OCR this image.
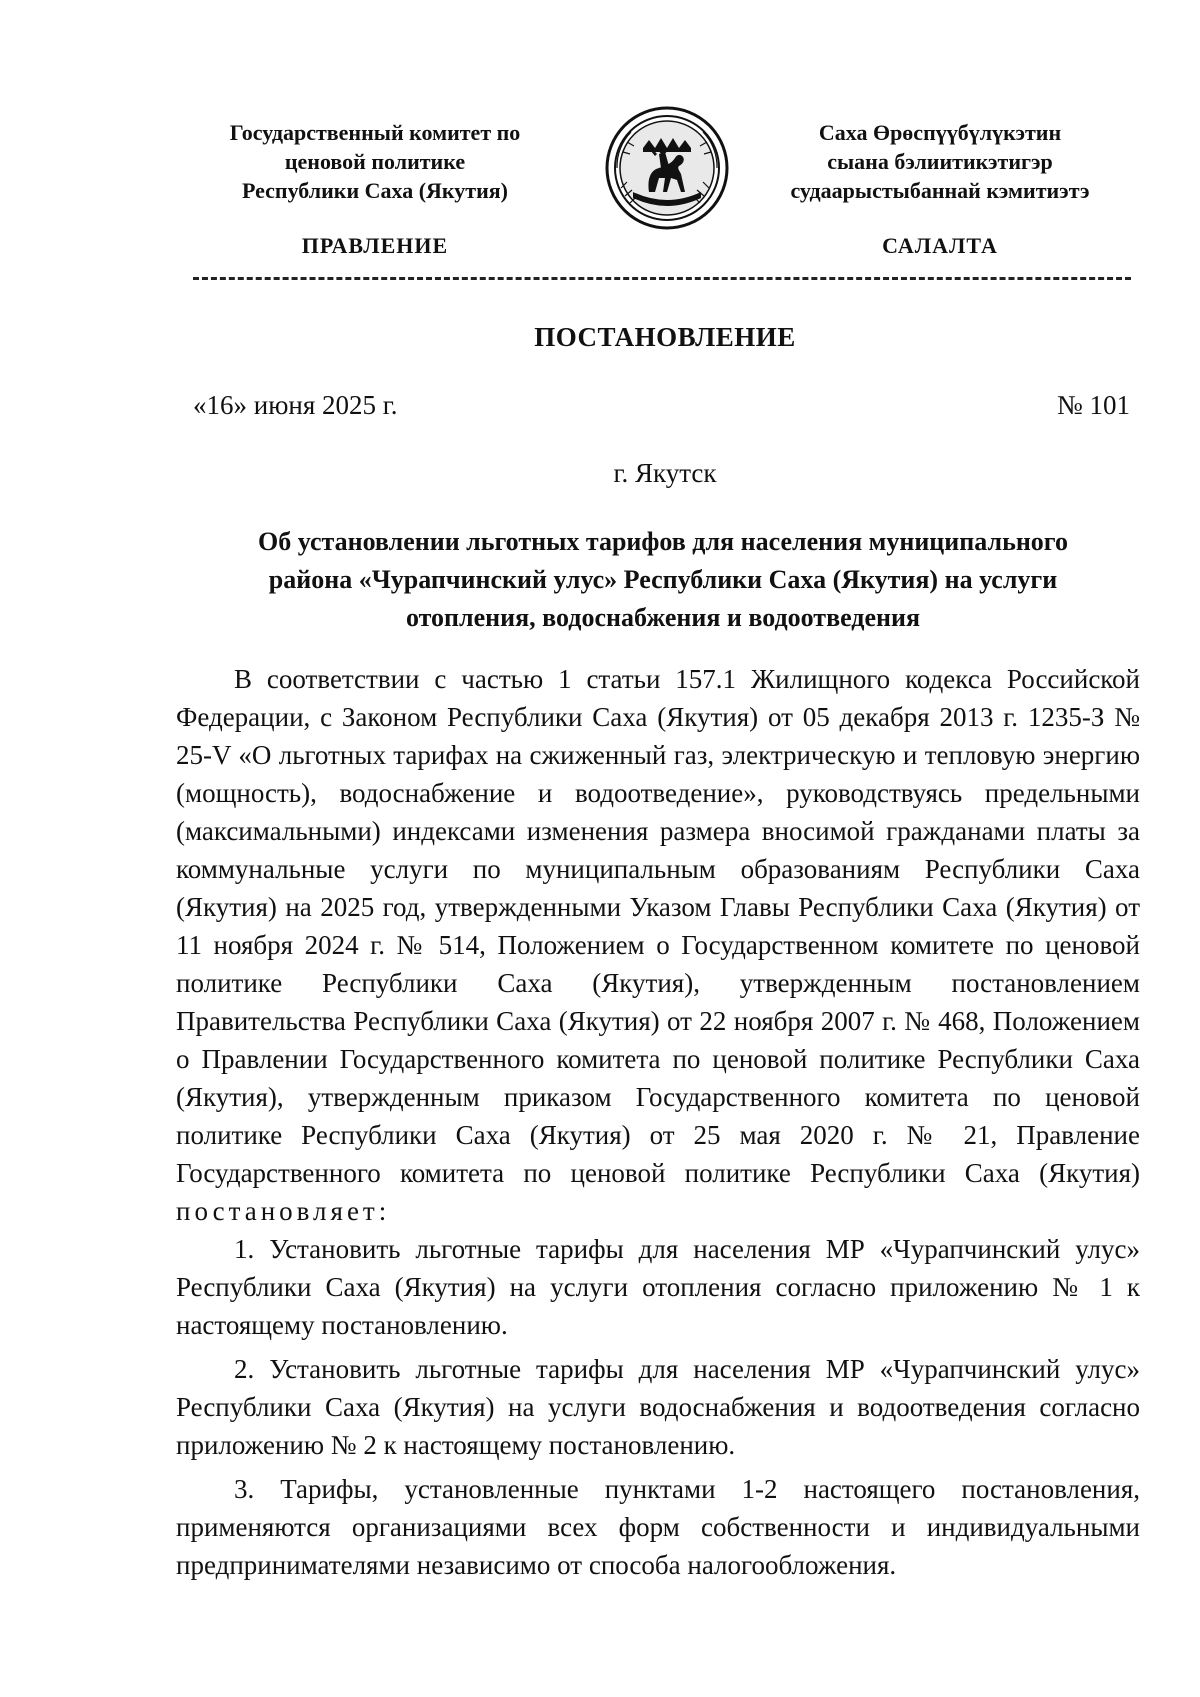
Государственный комитет по
ценовой политике
Республики Саха (Якутия)
Саха Өрөспүүбүлүкэтин
сыана бэлиитикэтигэр
судаарыстыбаннай кэмитиэтэ
ПРАВЛЕНИЕ	САЛАЛТА
ПОСТАНОВЛЕНИЕ
«16» июня 2025 г.	№ 101
г. Якутск
Об установлении льготных тарифов для населения муниципального
района «Чурапчинский улус» Республики Саха (Якутия) на услуги
отопления, водоснабжения и водоотведения

В соответствии с частью 1 статьи 157.1 Жилищного кодекса Российской Федерации, с Законом Республики Саха (Якутия) от 05 декабря 2013 г. 1235-З № 25-V «О льготных тарифах на сжиженный газ, электрическую и тепловую энергию (мощность), водоснабжение и водоотведение», руководствуясь предельными (максимальными) индексами изменения размера вносимой гражданами платы за коммунальные услуги по муниципальным образованиям Республики Саха (Якутия) на 2025 год, утвержденными Указом Главы Республики Саха (Якутия) от 11 ноября 2024 г. № 514, Положением о Государственном комитете по ценовой политике Республики Саха (Якутия), утвержденным постановлением Правительства Республики Саха (Якутия) от 22 ноября 2007 г. № 468, Положением о Правлении Государственного комитета по ценовой политике Республики Саха (Якутия), утвержденным приказом Государственного комитета по ценовой политике Республики Саха (Якутия) от 25 мая 2020 г. № 21, Правление Государственного комитета по ценовой политике Республики Саха (Якутия) постановляет:

1. Установить льготные тарифы для населения МР «Чурапчинский улус» Республики Саха (Якутия) на услуги отопления согласно приложению № 1 к настоящему постановлению.

2. Установить льготные тарифы для населения МР «Чурапчинский улус» Республики Саха (Якутия) на услуги водоснабжения и водоотведения согласно приложению № 2 к настоящему постановлению.

3. Тарифы, установленные пунктами 1-2 настоящего постановления, применяются организациями всех форм собственности и индивидуальными предпринимателями независимо от способа налогообложения.
